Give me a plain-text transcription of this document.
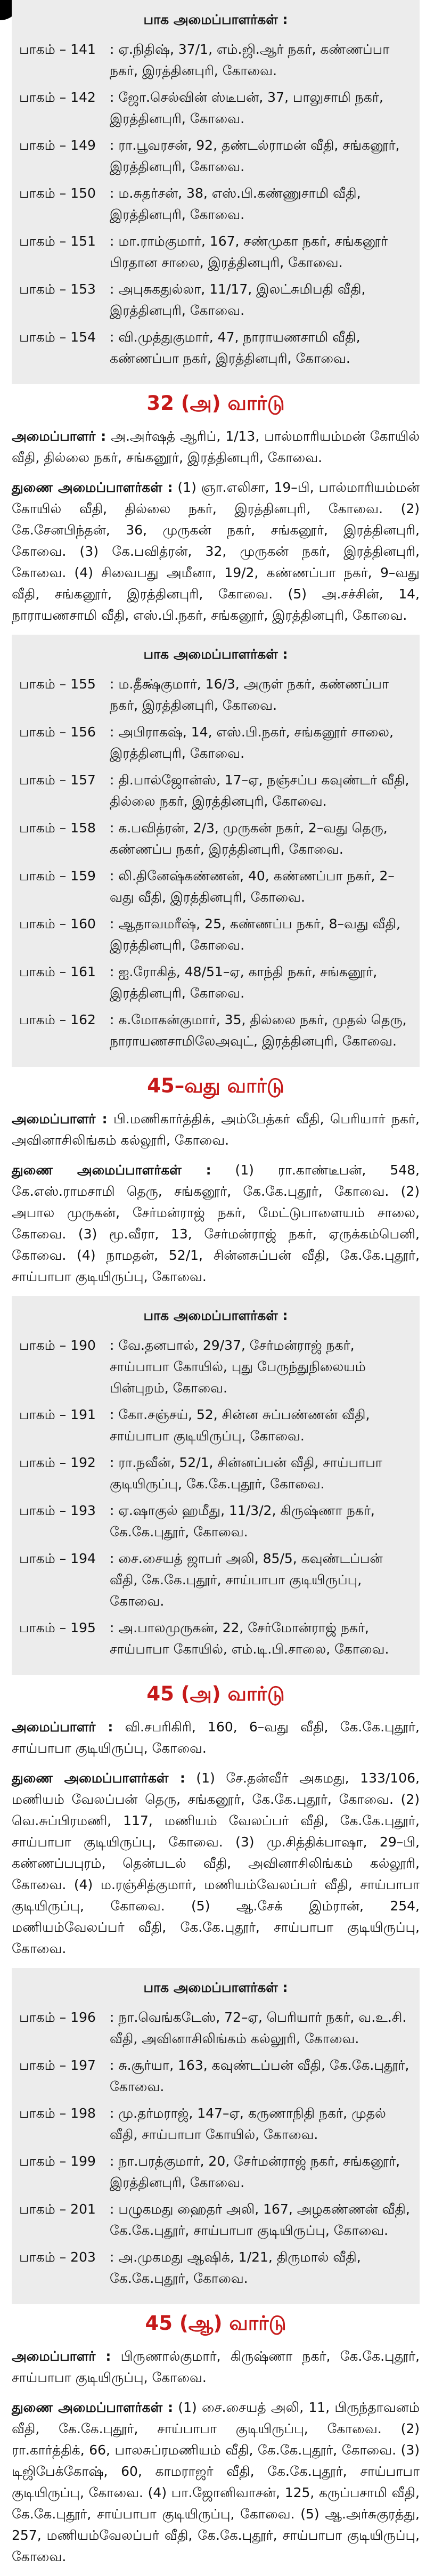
பாக அமைப்பாளர்கள் :
பாகம் – 141	: ஏ.நிதிஷ், 37/1, எம்.ஜி.ஆர் நகர், கண்ணப்பா நகர், இரத்தினபுரி, கோவை.
பாகம் – 142	: ஜோ.செல்வின் ஸ்டீபன், 37, பாலுசாமி நகர், இரத்தினபுரி, கோவை.
பாகம் – 149	: ரா.பூவரசன், 92, தண்டல்ராமன் வீதி, சங்கனூர், இரத்தினபுரி, கோவை.
பாகம் – 150	: ம.சுதர்சன், 38, எஸ்.பி.கண்ணுசாமி வீதி, இரத்தினபுரி, கோவை.
பாகம் – 151	: மா.ராம்குமார், 167, சண்முகா நகர், சங்கனூர் பிரதான சாலை, இரத்தினபுரி, கோவை.
பாகம் – 153	: அபுசுகதுல்லா, 11/17, இலட்சுமிபதி வீதி, இரத்தினபுரி, கோவை.
பாகம் – 154	: வி.முத்துகுமார், 47, நாராயணசாமி வீதி, கண்ணப்பா நகர், இரத்தினபுரி, கோவை.
32 (அ) வார்டு

அமைப்பாளர் : அ.அர்ஷத் ஆரிப், 1/13, பால்மாரியம்மன் கோயில் வீதி, தில்லை நகர், சங்கனூர், இரத்தினபுரி, கோவை.

துணை அமைப்பாளர்கள் : (1) ஞா.எலிசா, 19–பி, பால்மாரியம்மன் கோயில் வீதி, தில்லை நகர், இரத்தினபுரி, கோவை. (2) கே.சேனபிந்தன், 36, முருகன் நகர், சங்கனூர், இரத்தினபுரி, கோவை. (3) கே.பவித்ரன், 32, முருகன் நகர், இரத்தினபுரி, கோவை. (4) சிவைபது அமீனா, 19/2, கண்ணப்பா நகர், 9–வது வீதி, சங்கனூர், இரத்தினபுரி, கோவை. (5) அ.சச்சின், 14, நாராயணசாமி வீதி, எஸ்.பி.நகர், சங்கனூர், இரத்தினபுரி, கோவை.

பாக அமைப்பாளர்கள் :
பாகம் – 155	: ம.தீக்ஷ்குமார், 16/3, அருள் நகர், கண்ணப்பா நகர், இரத்தினபுரி, கோவை.
பாகம் – 156	: அபிராகஷ், 14, எஸ்.பி.நகர், சங்கனூர் சாலை, இரத்தினபுரி, கோவை.
பாகம் – 157	: தி.பால்ஜோன்ஸ், 17–ஏ, நஞ்சப்ப கவுண்டர் வீதி, தில்லை நகர், இரத்தினபுரி, கோவை.
பாகம் – 158	: க.பவித்ரன், 2/3, முருகன் நகர், 2–வது தெரு, கண்ணப்ப நகர், இரத்தினபுரி, கோவை.
பாகம் – 159	: லி.தினேஷ்கண்ணன், 40, கண்ணப்பா நகர், 2–வது வீதி, இரத்தினபுரி, கோவை.
பாகம் – 160	: ஆதாவமரீஷ், 25, கண்ணப்ப நகர், 8–வது வீதி, இரத்தினபுரி, கோவை.
பாகம் – 161	: ஐ.ரோகித், 48/51–ஏ, காந்தி நகர், சங்கனூர், இரத்தினபுரி, கோவை.
பாகம் – 162	: க.மோகன்குமார், 35, தில்லை நகர், முதல் தெரு, நாராயணசாமிலேஅவுட், இரத்தினபுரி, கோவை.
45–வது வார்டு

அமைப்பாளர் : பி.மணிகார்த்திக், அம்பேத்கர் வீதி, பெரியார் நகர், அவினாசிலிங்கம் கல்லூரி, கோவை.

துணை அமைப்பாளர்கள் : (1) ரா.காண்டீபன், 548, கே.எஸ்.ராமசாமி தெரு, சங்கனூர், கே.கே.புதூர், கோவை. (2) அபால முருகன், சேர்மன்ராஜ் நகர், மேட்டுபாளையம் சாலை, கோவை. (3) மூ.வீரா, 13, சேர்மன்ராஜ் நகர், ஏருக்கம்பெனி, கோவை. (4) நாமதன், 52/1, சின்னசுப்பன் வீதி, கே.கே.புதூர், சாய்பாபா குடியிருப்பு, கோவை.

பாக அமைப்பாளர்கள் :
பாகம் – 190	: வே.தனபால், 29/37, சேர்மன்ராஜ் நகர், சாய்பாபா கோயில், புது பேருந்துநிலையம் பின்புறம், கோவை.
பாகம் – 191	: கோ.சஞ்சய், 52, சின்ன சுப்பண்ணன் வீதி, சாய்பாபா குடியிருப்பு, கோவை.
பாகம் – 192	: ரா.நவீன், 52/1, சின்னப்பன் வீதி, சாய்பாபா குடியிருப்பு, கே.கே.புதூர், கோவை.
பாகம் – 193	: ஏ.ஷாகுல் ஹமீது, 11/3/2, கிருஷ்ணா நகர், கே.கே.புதூர், கோவை.
பாகம் – 194	: சை.சையத் ஜாபர் அலி, 85/5, கவுண்டப்பன் வீதி, கே.கே.புதூர், சாய்பாபா குடியிருப்பு, கோவை.
பாகம் – 195	: அ.பாலமுருகன், 22, சேர்மோன்ராஜ் நகர், சாய்பாபா கோயில், எம்.டி.பி.சாலை, கோவை.
45 (அ) வார்டு

அமைப்பாளர் : வி.சபரிகிரி, 160, 6–வது வீதி, கே.கே.புதூர், சாய்பாபா குடியிருப்பு, கோவை.

துணை அமைப்பாளர்கள் : (1) சே.தன்வீர் அகமது, 133/106, மணியம் வேலப்பன் தெரு, சங்கனூர், கே.கே.புதூர், கோவை. (2) வெ.சுப்பிரமணி, 117, மணியம் வேலப்பர் வீதி, கே.கே.புதூர், சாய்பாபா குடியிருப்பு, கோவை. (3) மு.சித்திக்பாஷா, 29–பி, கண்ணப்பபுரம், தென்படல் வீதி, அவினாசிலிங்கம் கல்லூரி, கோவை. (4) ம.ரஞ்சித்குமார், மணியம்வேலப்பர் வீதி, சாய்பாபா குடியிருப்பு, கோவை. (5) ஆ.சேக் இம்ரான், 254, மணியம்வேலப்பர் வீதி, கே.கே.புதூர், சாய்பாபா குடியிருப்பு, கோவை.

பாக அமைப்பாளர்கள் :
பாகம் – 196	: நா.வெங்கடேஸ், 72–ஏ, பெரியார் நகர், வ.உ.சி. வீதி, அவினாசிலிங்கம் கல்லூரி, கோவை.
பாகம் – 197	: சு.சூர்யா, 163, கவுண்டப்பன் வீதி, கே.கே.புதூர், கோவை.
பாகம் – 198	: மு.தர்மராஜ், 147–ஏ, கருணாநிதி நகர், முதல் வீதி, சாய்பாபா கோயில், கோவை.
பாகம் – 199	: நா.பரத்குமார், 20, சேர்மன்ராஜ் நகர், சங்கனூர், இரத்தினபுரி, கோவை.
பாகம் – 201	: பழுகமது ஹைதர் அலி, 167, அழகண்ணன் வீதி, கே.கே.புதூர், சாய்பாபா குடியிருப்பு, கோவை.
பாகம் – 203	: அ.முகமது ஆஷிக், 1/21, திருமால் வீதி, கே.கே.புதூர், கோவை.
45 (ஆ) வார்டு

அமைப்பாளர் : பிருணால்குமார், கிருஷ்ணா நகர், கே.கே.புதூர், சாய்பாபா குடியிருப்பு, கோவை.

துணை அமைப்பாளர்கள் : (1) சை.சையத் அலி, 11, பிருந்தாவனம் வீதி, கே.கே.புதூர், சாய்பாபா குடியிருப்பு, கோவை. (2) ரா.கார்த்திக், 66, பாலசுப்ரமணியம் வீதி, கே.கே.புதூர், கோவை. (3) டிஜிபேக்கோஷ், 60, காமராஜர் வீதி, கே.கே.புதூர், சாய்பாபா குடியிருப்பு, கோவை. (4) பா.ஜோனிவாசன், 125, கருப்பசாமி வீதி, கே.கே.புதூர், சாய்பாபா குடியிருப்பு, கோவை. (5) ஆ.அர்சுகுரத்து, 257, மணியம்வேலப்பர் வீதி, கே.கே.புதூர், சாய்பாபா குடியிருப்பு, கோவை.
